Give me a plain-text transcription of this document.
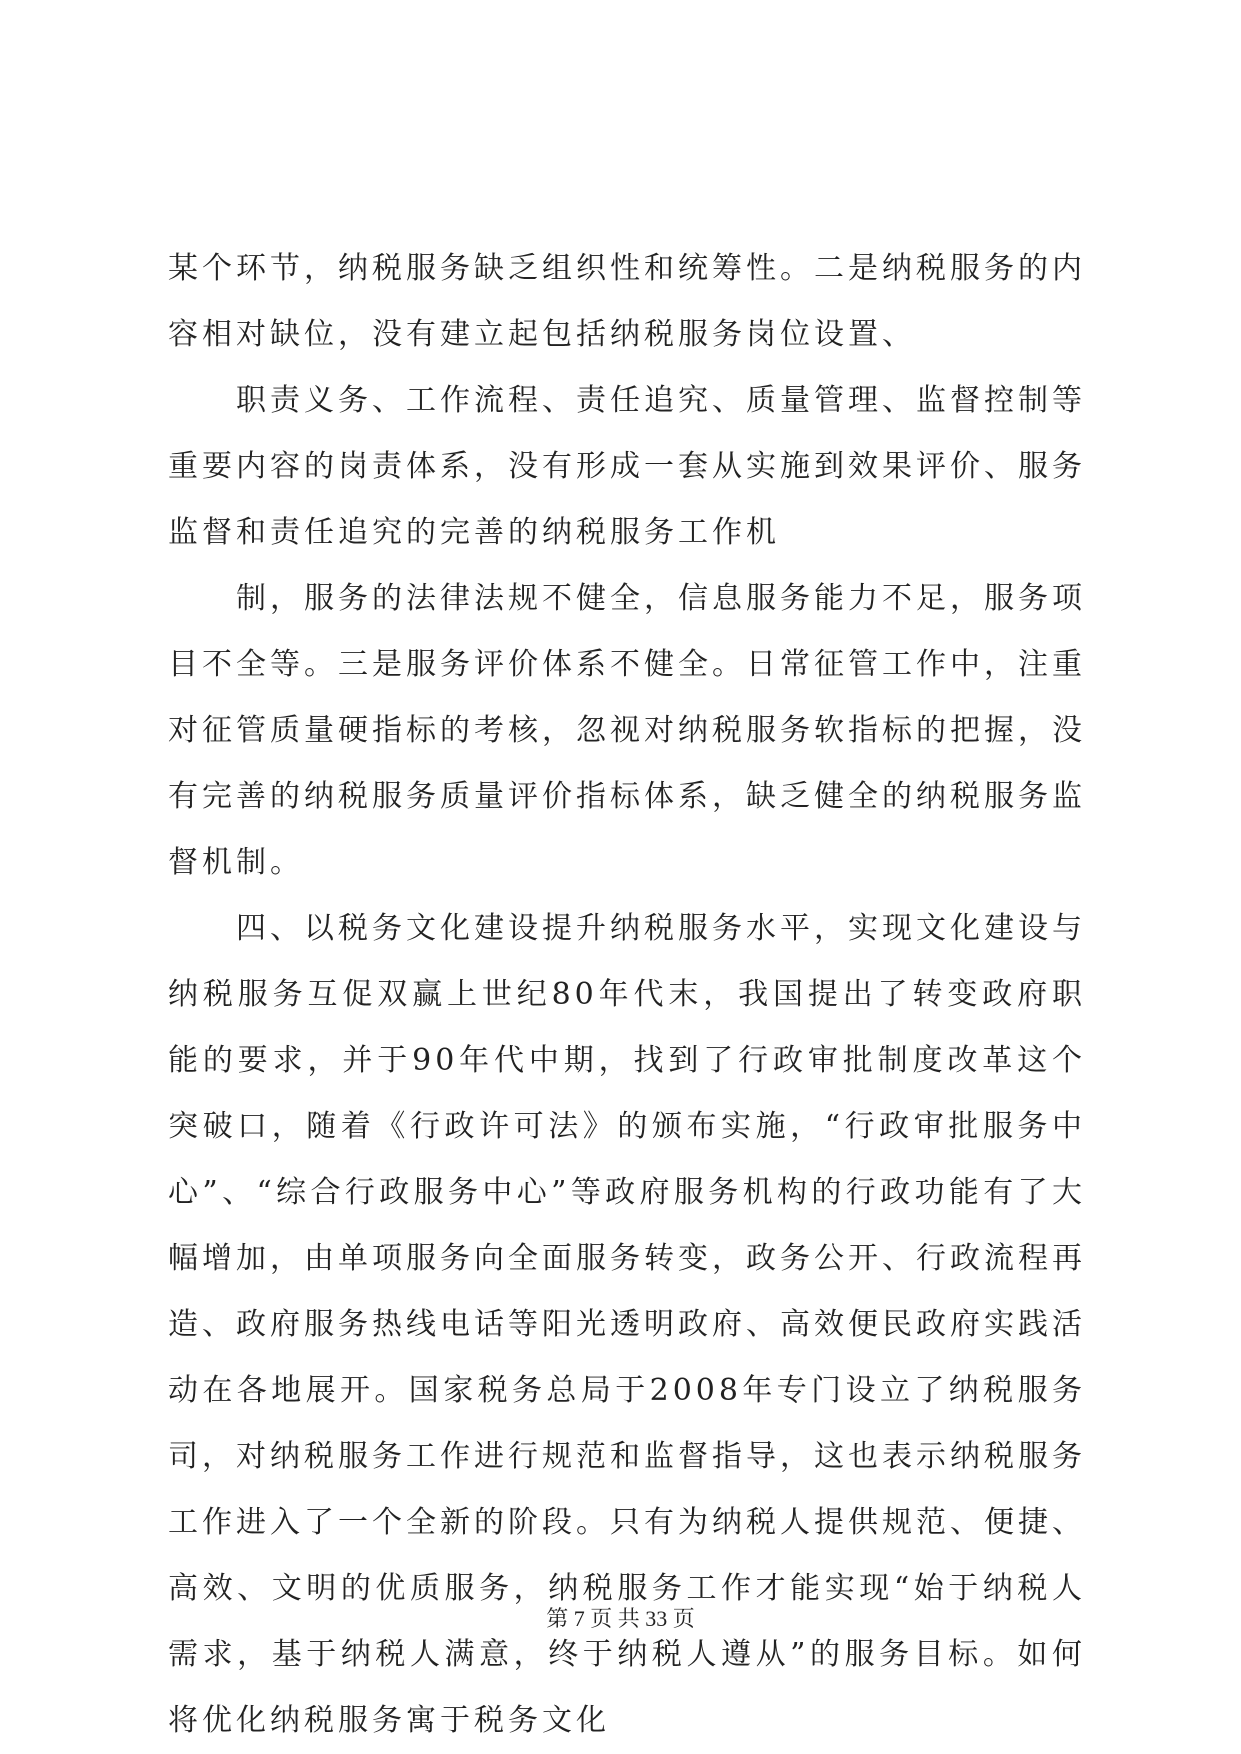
某个环节，纳税服务缺乏组织性和统筹性。二是纳税服务的内容相对缺位，没有建立起包括纳税服务岗位设置、

职责义务、工作流程、责任追究、质量管理、监督控制等重要内容的岗责体系，没有形成一套从实施到效果评价、服务监督和责任追究的完善的纳税服务工作机

制，服务的法律法规不健全，信息服务能力不足，服务项目不全等。三是服务评价体系不健全。日常征管工作中，注重对征管质量硬指标的考核，忽视对纳税服务软指标的把握，没有完善的纳税服务质量评价指标体系，缺乏健全的纳税服务监督机制。

四、以税务文化建设提升纳税服务水平，实现文化建设与纳税服务互促双赢上世纪80年代末，我国提出了转变政府职能的要求，并于90年代中期，找到了行政审批制度改革这个突破口，随着《行政许可法》的颁布实施，“行政审批服务中心”、“综合行政服务中心”等政府服务机构的行政功能有了大幅增加，由单项服务向全面服务转变，政务公开、行政流程再造、政府服务热线电话等阳光透明政府、高效便民政府实践活动在各地展开。国家税务总局于2008年专门设立了纳税服务司，对纳税服务工作进行规范和监督指导，这也表示纳税服务工作进入了一个全新的阶段。只有为纳税人提供规范、便捷、高效、文明的优质服务，纳税服务工作才能实现“始于纳税人需求，基于纳税人满意，终于纳税人遵从”的服务目标。如何将优化纳税服务寓于税务文化

第 7 页 共 33 页
